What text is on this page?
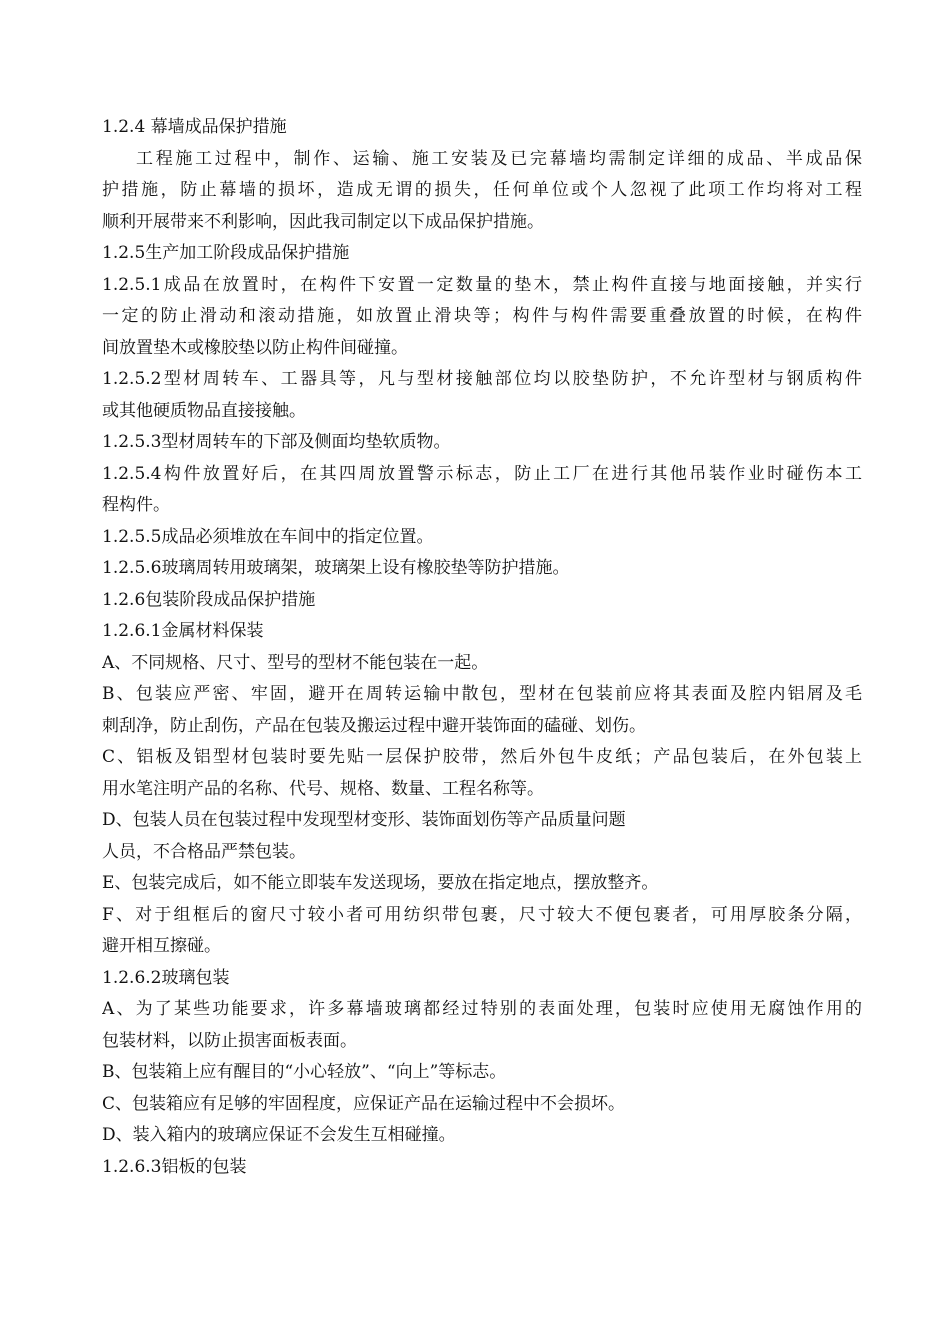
1.2.4 幕墙成品保护措施
工程施工过程中，制作、运输、施工安装及已完幕墙均需制定详细的成品、半成品保
护措施，防止幕墙的损坏，造成无谓的损失，任何单位或个人忽视了此项工作均将对工程
顺利开展带来不利影响，因此我司制定以下成品保护措施。
1.2.5生产加工阶段成品保护措施
1.2.5.1成品在放置时，在构件下安置一定数量的垫木，禁止构件直接与地面接触，并实行
一定的防止滑动和滚动措施，如放置止滑块等；构件与构件需要重叠放置的时候，在构件
间放置垫木或橡胶垫以防止构件间碰撞。
1.2.5.2型材周转车、工器具等，凡与型材接触部位均以胶垫防护，不允许型材与钢质构件
或其他硬质物品直接接触。
1.2.5.3型材周转车的下部及侧面均垫软质物。
1.2.5.4构件放置好后，在其四周放置警示标志，防止工厂在进行其他吊装作业时碰伤本工
程构件。
1.2.5.5成品必须堆放在车间中的指定位置。
1.2.5.6玻璃周转用玻璃架，玻璃架上设有橡胶垫等防护措施。
1.2.6包装阶段成品保护措施
1.2.6.1金属材料保装
A、不同规格、尺寸、型号的型材不能包装在一起。
B、包装应严密、牢固，避开在周转运输中散包，型材在包装前应将其表面及腔内铝屑及毛
刺刮净，防止刮伤，产品在包装及搬运过程中避开装饰面的磕碰、划伤。
C、铝板及铝型材包装时要先贴一层保护胶带，然后外包牛皮纸；产品包装后，在外包装上
用水笔注明产品的名称、代号、规格、数量、工程名称等。
D、包装人员在包装过程中发现型材变形、装饰面划伤等产品质量问题
人员，不合格品严禁包装。
E、包装完成后，如不能立即装车发送现场，要放在指定地点，摆放整齐。
F、对于组框后的窗尺寸较小者可用纺织带包裹，尺寸较大不便包裹者，可用厚胶条分隔，
避开相互擦碰。
1.2.6.2玻璃包装
A、为了某些功能要求，许多幕墙玻璃都经过特别的表面处理，包装时应使用无腐蚀作用的
包装材料，以防止损害面板表面。
B、包装箱上应有醒目的“小心轻放”、“向上”等标志。
C、包装箱应有足够的牢固程度，应保证产品在运输过程中不会损坏。
D、装入箱内的玻璃应保证不会发生互相碰撞。
1.2.6.3铝板的包装
